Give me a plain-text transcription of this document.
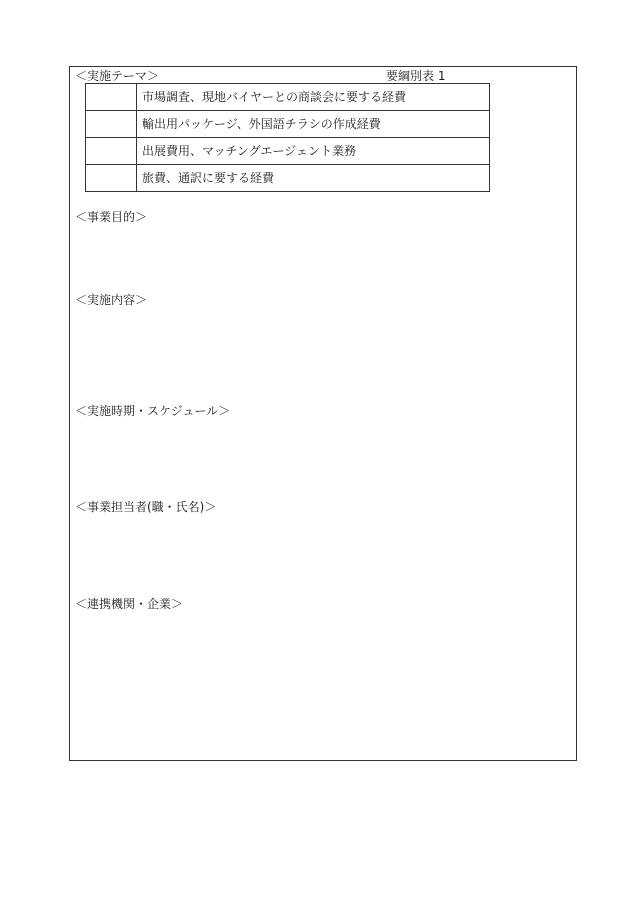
＜実施テーマ＞	要綱別表 1
	市場調査、現地バイヤーとの商談会に要する経費
	輸出用パッケージ、外国語チラシの作成経費
	出展費用、マッチングエージェント業務
	旅費、通訳に要する経費
＜事業目的＞
＜実施内容＞
＜実施時期・スケジュール＞
＜事業担当者(職・氏名)＞
＜連携機関・企業＞
